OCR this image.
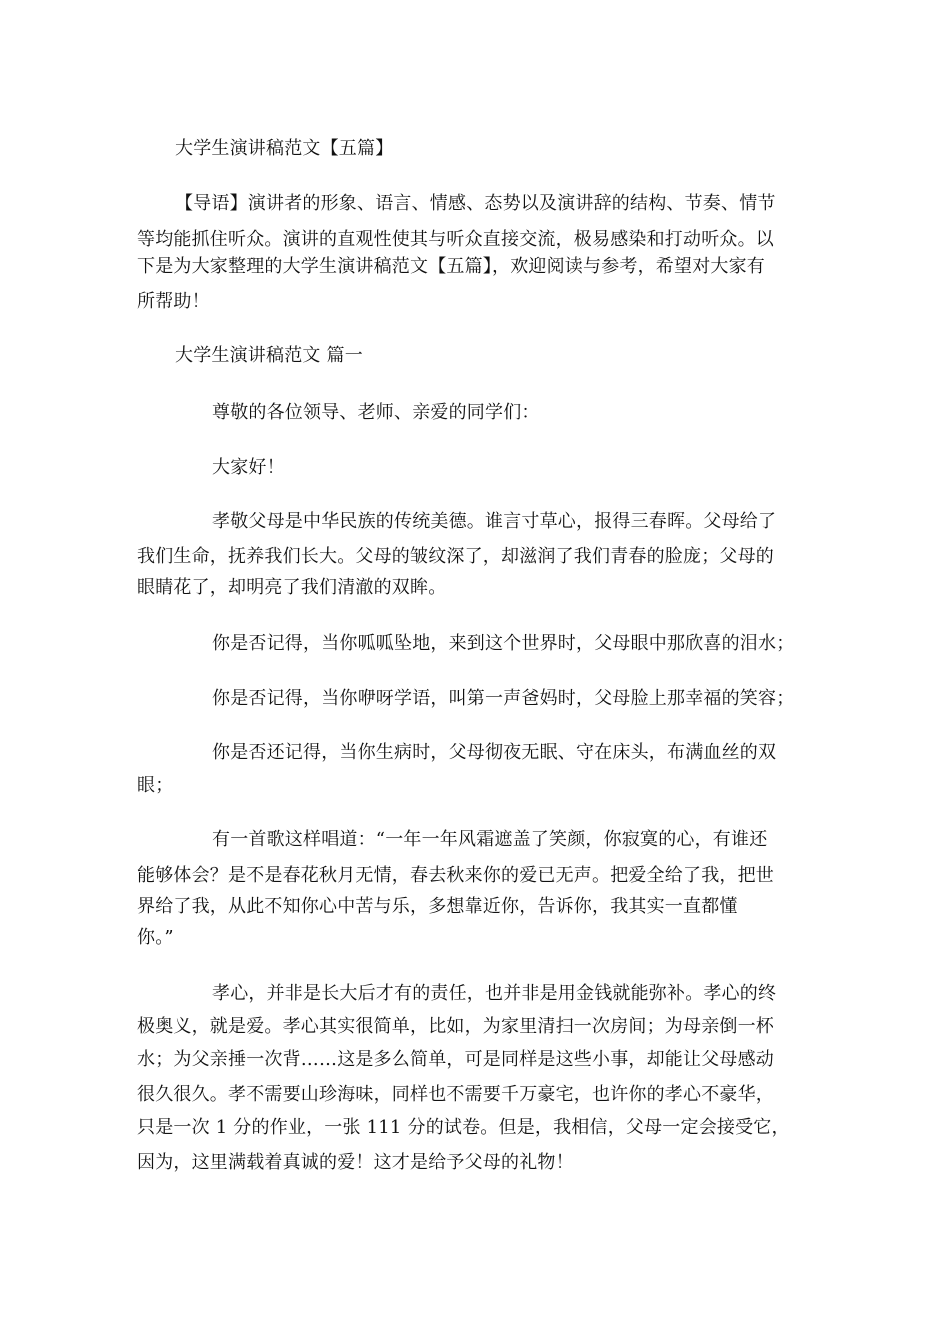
大学生演讲稿范文【五篇】
【导语】演讲者的形象、语言、情感、态势以及演讲辞的结构、节奏、情节
等均能抓住听众。演讲的直观性使其与听众直接交流，极易感染和打动听众。以
下是为大家整理的大学生演讲稿范文【五篇】，欢迎阅读与参考，希望对大家有
所帮助！
大学生演讲稿范文 篇一
尊敬的各位领导、老师、亲爱的同学们：
大家好！
孝敬父母是中华民族的传统美德。谁言寸草心，报得三春晖。父母给了
我们生命，抚养我们长大。父母的皱纹深了，却滋润了我们青春的脸庞；父母的
眼睛花了，却明亮了我们清澈的双眸。
你是否记得，当你呱呱坠地，来到这个世界时，父母眼中那欣喜的泪水；
你是否记得，当你咿呀学语，叫第一声爸妈时，父母脸上那幸福的笑容；
你是否还记得，当你生病时，父母彻夜无眠、守在床头，布满血丝的双
眼；
有一首歌这样唱道：“一年一年风霜遮盖了笑颜，你寂寞的心，有谁还
能够体会？是不是春花秋月无情，春去秋来你的爱已无声。把爱全给了我，把世
界给了我，从此不知你心中苦与乐，多想靠近你，告诉你，我其实一直都懂
你。”
孝心，并非是长大后才有的责任，也并非是用金钱就能弥补。孝心的终
极奥义，就是爱。孝心其实很简单，比如，为家里清扫一次房间；为母亲倒一杯
水；为父亲捶一次背……这是多么简单，可是同样是这些小事，却能让父母感动
很久很久。孝不需要山珍海味，同样也不需要千万豪宅，也许你的孝心不豪华，
只是一次 1 分的作业，一张 111 分的试卷。但是，我相信，父母一定会接受它，
因为，这里满载着真诚的爱！这才是给予父母的礼物！
